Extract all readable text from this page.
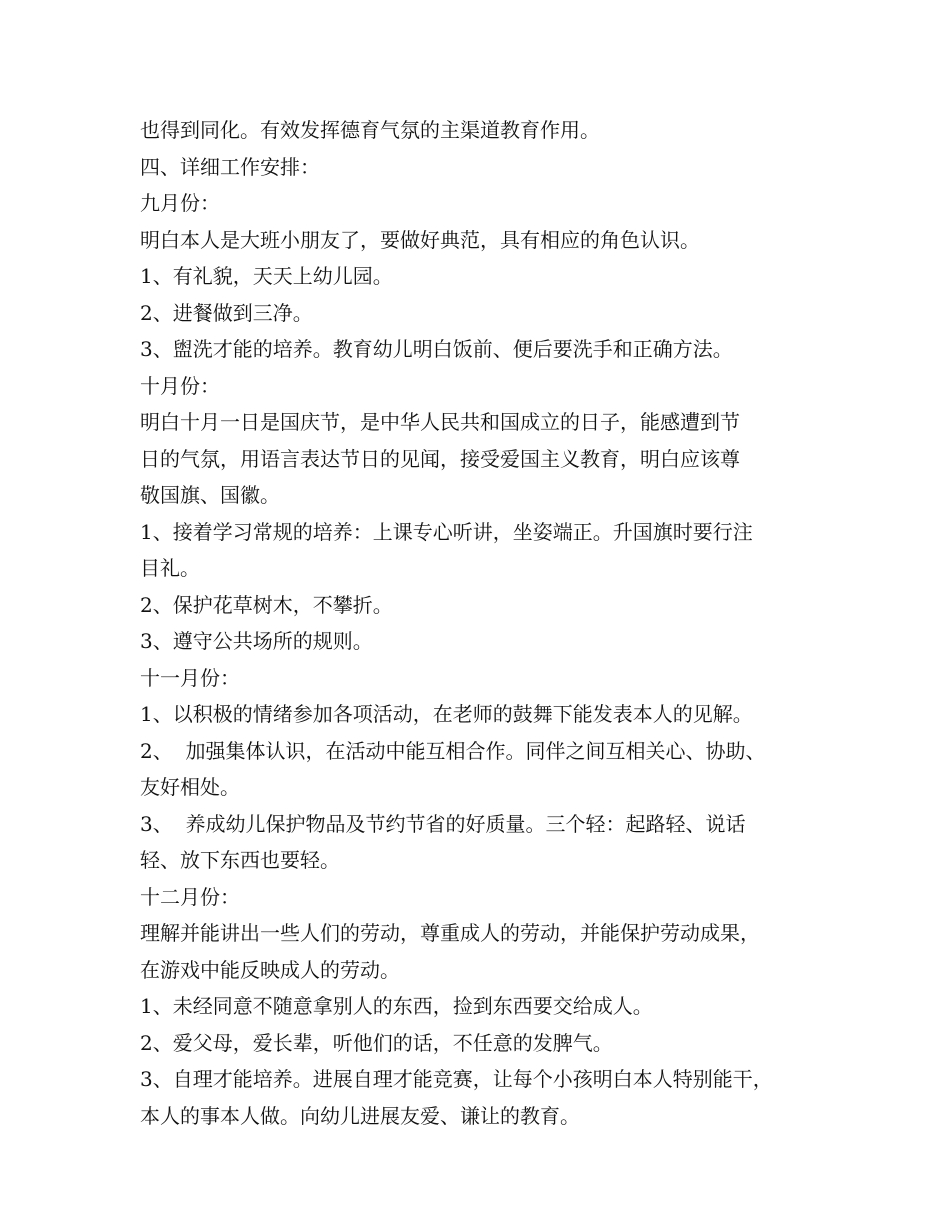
也得到同化。有效发挥德育气氛的主渠道教育作用。
四、详细工作安排：
九月份：
明白本人是大班小朋友了，要做好典范，具有相应的角色认识。
1、有礼貌，天天上幼儿园。
2、进餐做到三净。
3、盥洗才能的培养。教育幼儿明白饭前、便后要洗手和正确方法。
十月份：
明白十月一日是国庆节，是中华人民共和国成立的日子，能感遭到节
日的气氛，用语言表达节日的见闻，接受爱国主义教育，明白应该尊
敬国旗、国徽。
1、接着学习常规的培养：上课专心听讲，坐姿端正。升国旗时要行注
目礼。
2、保护花草树木，不攀折。
3、遵守公共场所的规则。
十一月份：
1、以积极的情绪参加各项活动，在老师的鼓舞下能发表本人的见解。
2、  加强集体认识，在活动中能互相合作。同伴之间互相关心、协助、
友好相处。
3、  养成幼儿保护物品及节约节省的好质量。三个轻：起路轻、说话
轻、放下东西也要轻。
十二月份：
理解并能讲出一些人们的劳动，尊重成人的劳动，并能保护劳动成果，
在游戏中能反映成人的劳动。
1、未经同意不随意拿别人的东西，捡到东西要交给成人。
2、爱父母，爱长辈，听他们的话，不任意的发脾气。
3、自理才能培养。进展自理才能竞赛，让每个小孩明白本人特别能干，
本人的事本人做。向幼儿进展友爱、谦让的教育。
